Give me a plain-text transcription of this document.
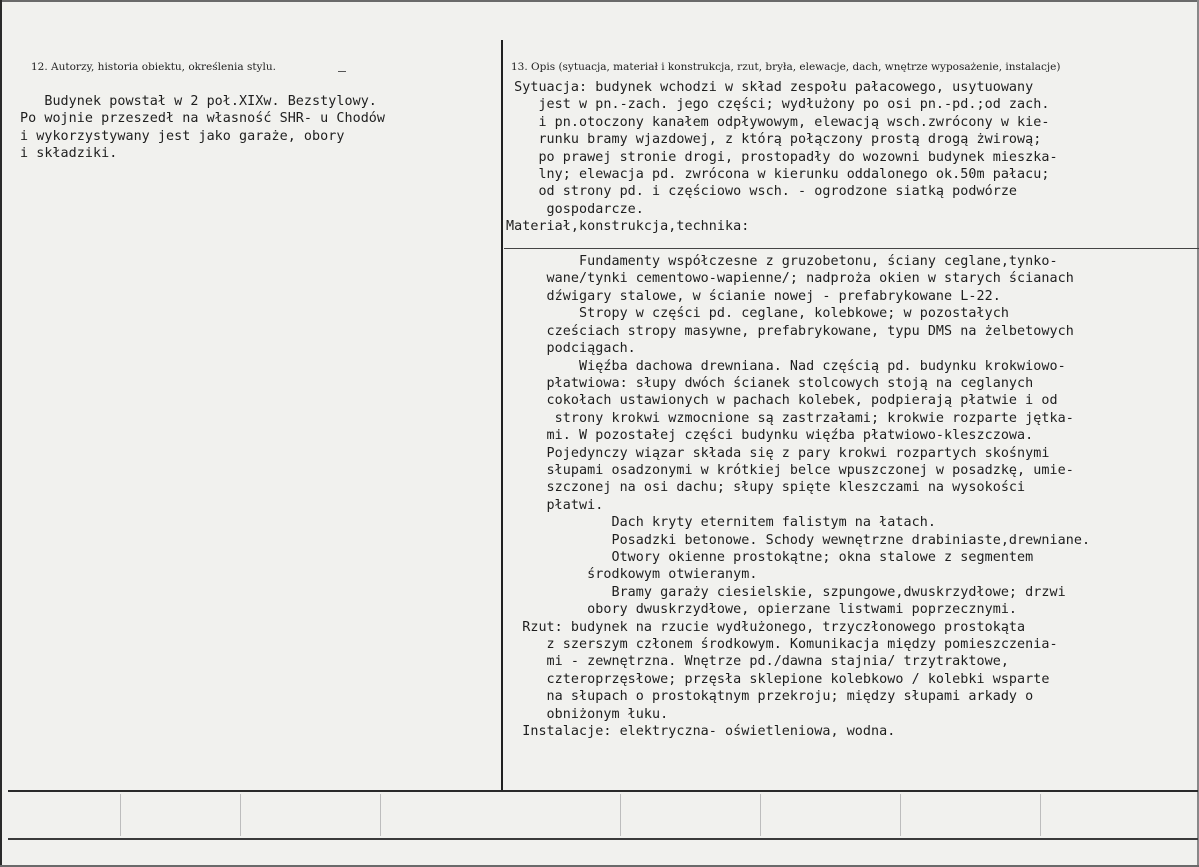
12. Autorzy, historia obiektu, określenia stylu.	13. Opis (sytuacja, materiał i konstrukcja, rzut, bryła, elewacje, dach, wnętrze wyposażenie, instalacje)
Budynek powstał w 2 poł.XIXw. Bezstylowy.
Po wojnie przeszedł na własność SHR- u Chodów
i wykorzystywany jest jako garaże, obory
i składziki.
Sytuacja: budynek wchodzi w skład zespołu pałacowego, usytuowany
jest w pn.-zach. jego części; wydłużony po osi pn.-pd.;od zach.
i pn.otoczony kanałem odpływowym, elewacją wsch.zwrócony w kie-
runku bramy wjazdowej, z którą połączony prostą drogą żwirową;
po prawej stronie drogi, prostopadły do wozowni budynek mieszka-
lny; elewacja pd. zwrócona w kierunku oddalonego ok.50m pałacu;
od strony pd. i częściowo wsch. - ogrodzone siatką podwórze
gospodarcze.
Materiał,konstrukcja,technika:

Fundamenty współczesne z gruzobetonu, ściany ceglane,tynko-
wane/tynki cementowo-wapienne/; nadproża okien w starych ścianach
dźwigary stalowe, w ścianie nowej - prefabrykowane L-22.
Stropy w części pd. ceglane, kolebkowe; w pozostałych
cześciach stropy masywne, prefabrykowane, typu DMS na żelbetowych
podciągach.
Więźba dachowa drewniana. Nad częścią pd. budynku krokwiowo-
płatwiowa: słupy dwóch ścianek stolcowych stoją na ceglanych
cokołach ustawionych w pachach kolebek, podpierają płatwie i od
strony krokwi wzmocnione są zastrzałami; krokwie rozparte jętka-
mi. W pozostałej części budynku więźba płatwiowo-kleszczowa.
Pojedynczy wiązar składa się z pary krokwi rozpartych skośnymi
słupami osadzonymi w krótkiej belce wpuszczonej w posadzkę, umie-
szczonej na osi dachu; słupy spięte kleszczami na wysokości
płatwi.
Dach kryty eternitem falistym na łatach.
Posadzki betonowe. Schody wewnętrzne drabiniaste,drewniane.
Otwory okienne prostokątne; okna stalowe z segmentem
środkowym otwieranym.
Bramy garaży ciesielskie, szpungowe,dwuskrzydłowe; drzwi
obory dwuskrzydłowe, opierzane listwami poprzecznymi.
Rzut: budynek na rzucie wydłużonego, trzyczłonowego prostokąta
z szerszym członem środkowym. Komunikacja między pomieszczenia-
mi - zewnętrzna. Wnętrze pd./dawna stajnia/ trzytraktowe,
czteroprzęsłowe; przęsła sklepione kolebkowo / kolebki wsparte
na słupach o prostokątnym przekroju; między słupami arkady o
obniżonym łuku.
Instalacje: elektryczna- oświetleniowa, wodna.
